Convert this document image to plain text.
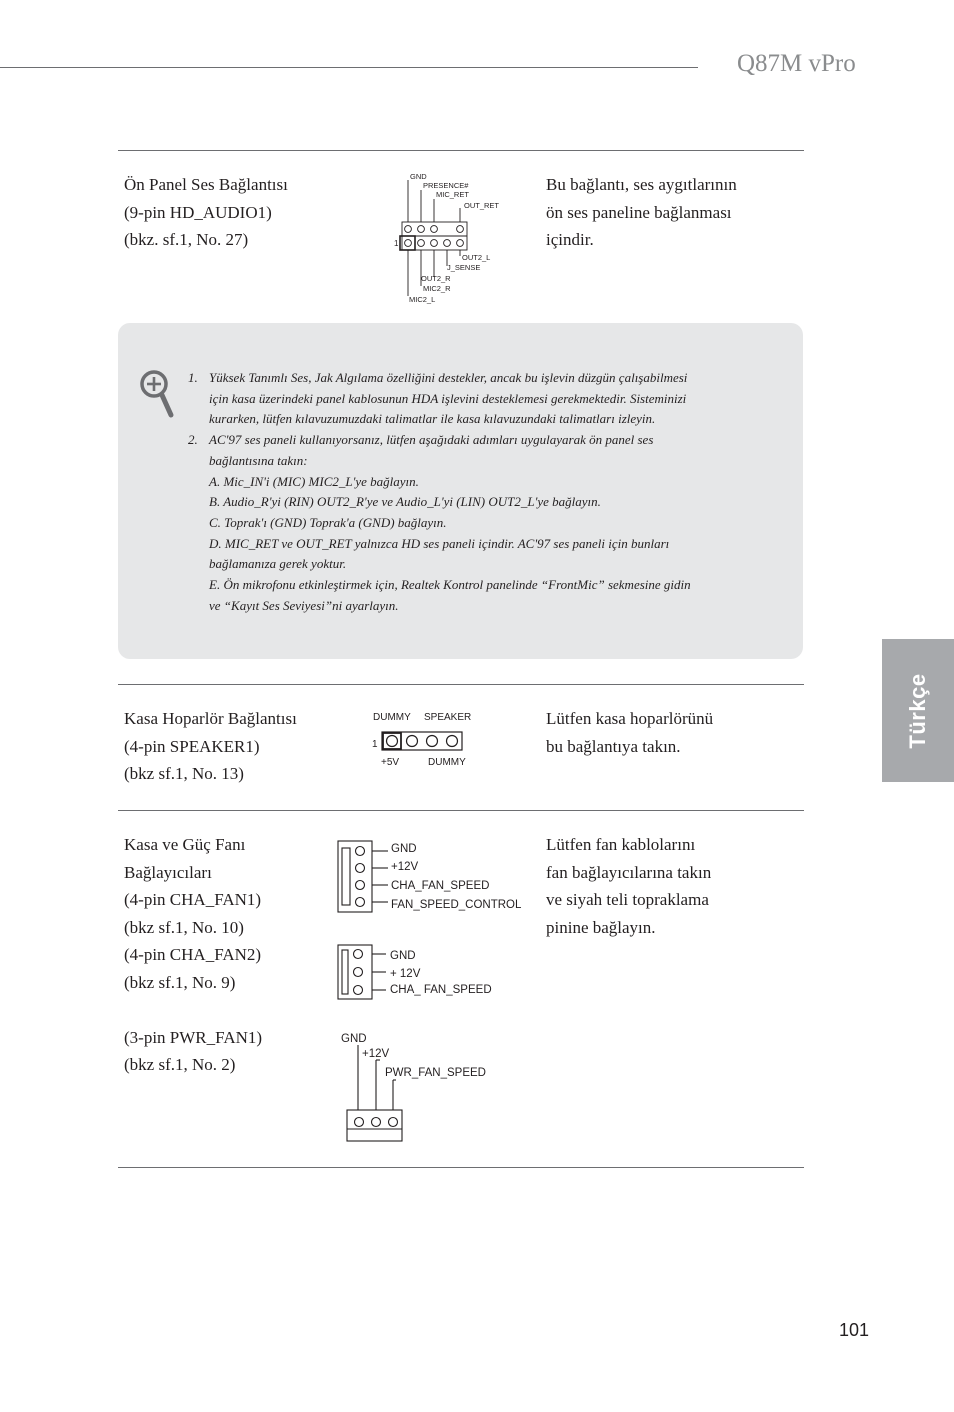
Q87M vPro
Türkçe

Ön Panel Ses Bağlantısı

(9-pin HD_AUDIO1)

(bkz. sf.1, No. 27)

Bu bağlantı, ses aygıtlarının

ön ses paneline bağlanması

içindir.

GND
PRESENCE#
MIC_RET
OUT_RET
1
OUT2_L
J_SENSE
OUT2_R
MIC2_R
MIC2_L
1. Yüksek Tanımlı Ses, Jak Algılama özelliğini destekler, ancak bu işlevin düzgün çalışabilmesi

için kasa üzerindeki panel kablosunun HDA işlevini desteklemesi gerekmektedir. Sisteminizi

kurarken, lütfen kılavuzumuzdaki talimatlar ile kasa kılavuzundaki talimatları izleyin.

2. AC'97 ses paneli kullanıyorsanız, lütfen aşağıdaki adımları uygulayarak ön panel ses

bağlantısına takın:

A. Mic_IN'i (MIC) MIC2_L'ye bağlayın.

B. Audio_R'yi (RIN) OUT2_R'ye ve Audio_L'yi (LIN) OUT2_L'ye bağlayın.

C. Toprak'ı (GND) Toprak'a (GND) bağlayın.

D. MIC_RET ve OUT_RET yalnızca HD ses paneli içindir. AC'97 ses paneli için bunları

bağlamanıza gerek yoktur.

E. Ön mikrofonu etkinleştirmek için, Realtek Kontrol panelinde “FrontMic” sekmesine gidin

ve “Kayıt Ses Seviyesi”ni ayarlayın.

Kasa Hoparlör Bağlantısı

(4-pin SPEAKER1)

(bkz sf.1, No. 13)

Lütfen kasa hoparlörünü

bu bağlantıya takın.

DUMMY SPEAKER
1
+5V	DUMMY

Kasa ve Güç Fanı

Bağlayıcıları

(4-pin CHA_FAN1)

(bkz sf.1, No. 10)

(4-pin CHA_FAN2)

(bkz sf.1, No. 9)

(3-pin PWR_FAN1)

(bkz sf.1, No. 2)

Lütfen fan kablolarını

fan bağlayıcılarına takın

ve siyah teli topraklama

pinine bağlayın.

GND
+12V
CHA_FAN_SPEED
FAN_SPEED_CONTROL
GND
+ 12V
CHA_ FAN_SPEED
GND
+12V
PWR_FAN_SPEED
101
